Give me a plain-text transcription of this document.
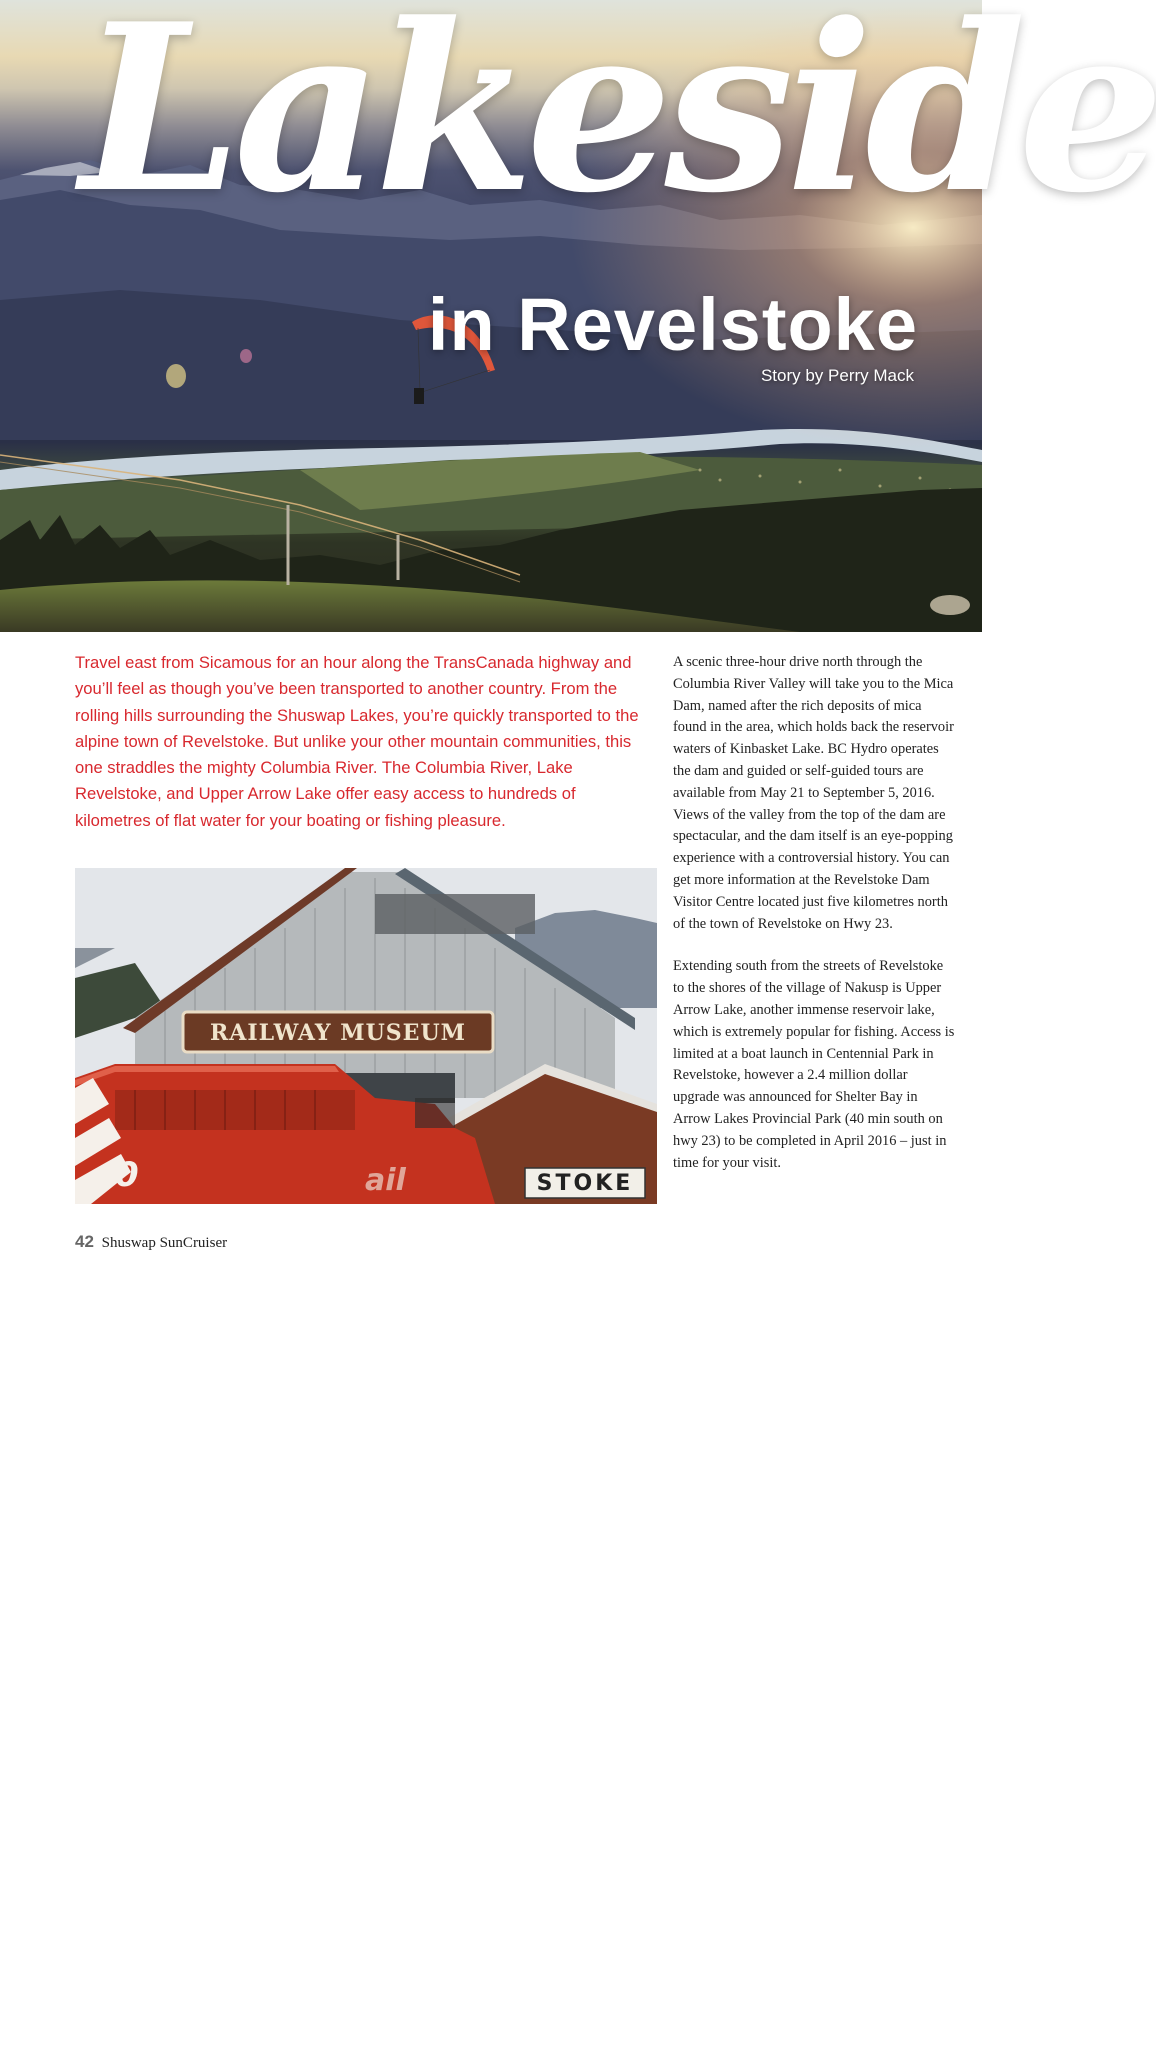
Lakeside
in Revelstoke
Story by Perry Mack

Travel east from Sicamous for an hour along the TransCanada highway and you’ll feel as though you’ve been transported to another country. From the rolling hills surrounding the Shuswap Lakes, you’re quickly transported to the alpine town of Revelstoke. But unlike your other mountain communities, this one straddles the mighty Columbia River. The Columbia River, Lake Revelstoke, and Upper Arrow Lake offer easy access to hundreds of kilometres of flat water for your boating or fishing pleasure.

RAILWAY MUSEUM
STOKE
0	ail
Destination BC/Ryan Creary

A scenic three-hour drive north through the Columbia River Valley will take you to the Mica Dam, named after the rich deposits of mica found in the area, which holds back the reservoir waters of Kinbasket Lake. BC Hydro operates the dam and guided or self-guided tours are available from May 21 to September 5, 2016. Views of the valley from the top of the dam are spectacular, and the dam itself is an eye-popping experience with a controversial history. You can get more information at the Revelstoke Dam Visitor Centre located just five kilometres north of the town of Revelstoke on Hwy 23.

Extending south from the streets of Revelstoke to the shores of the village of Nakusp is Upper Arrow Lake, another immense reservoir lake, which is extremely popular for fishing. Access is limited at a boat launch in Centennial Park in Revelstoke, however a 2.4 million dollar upgrade was announced for Shelter Bay in Arrow Lakes Provincial Park (40 min south on hwy 23) to be completed in April 2016 – just in time for your visit.

42 Shuswap SunCruiser
